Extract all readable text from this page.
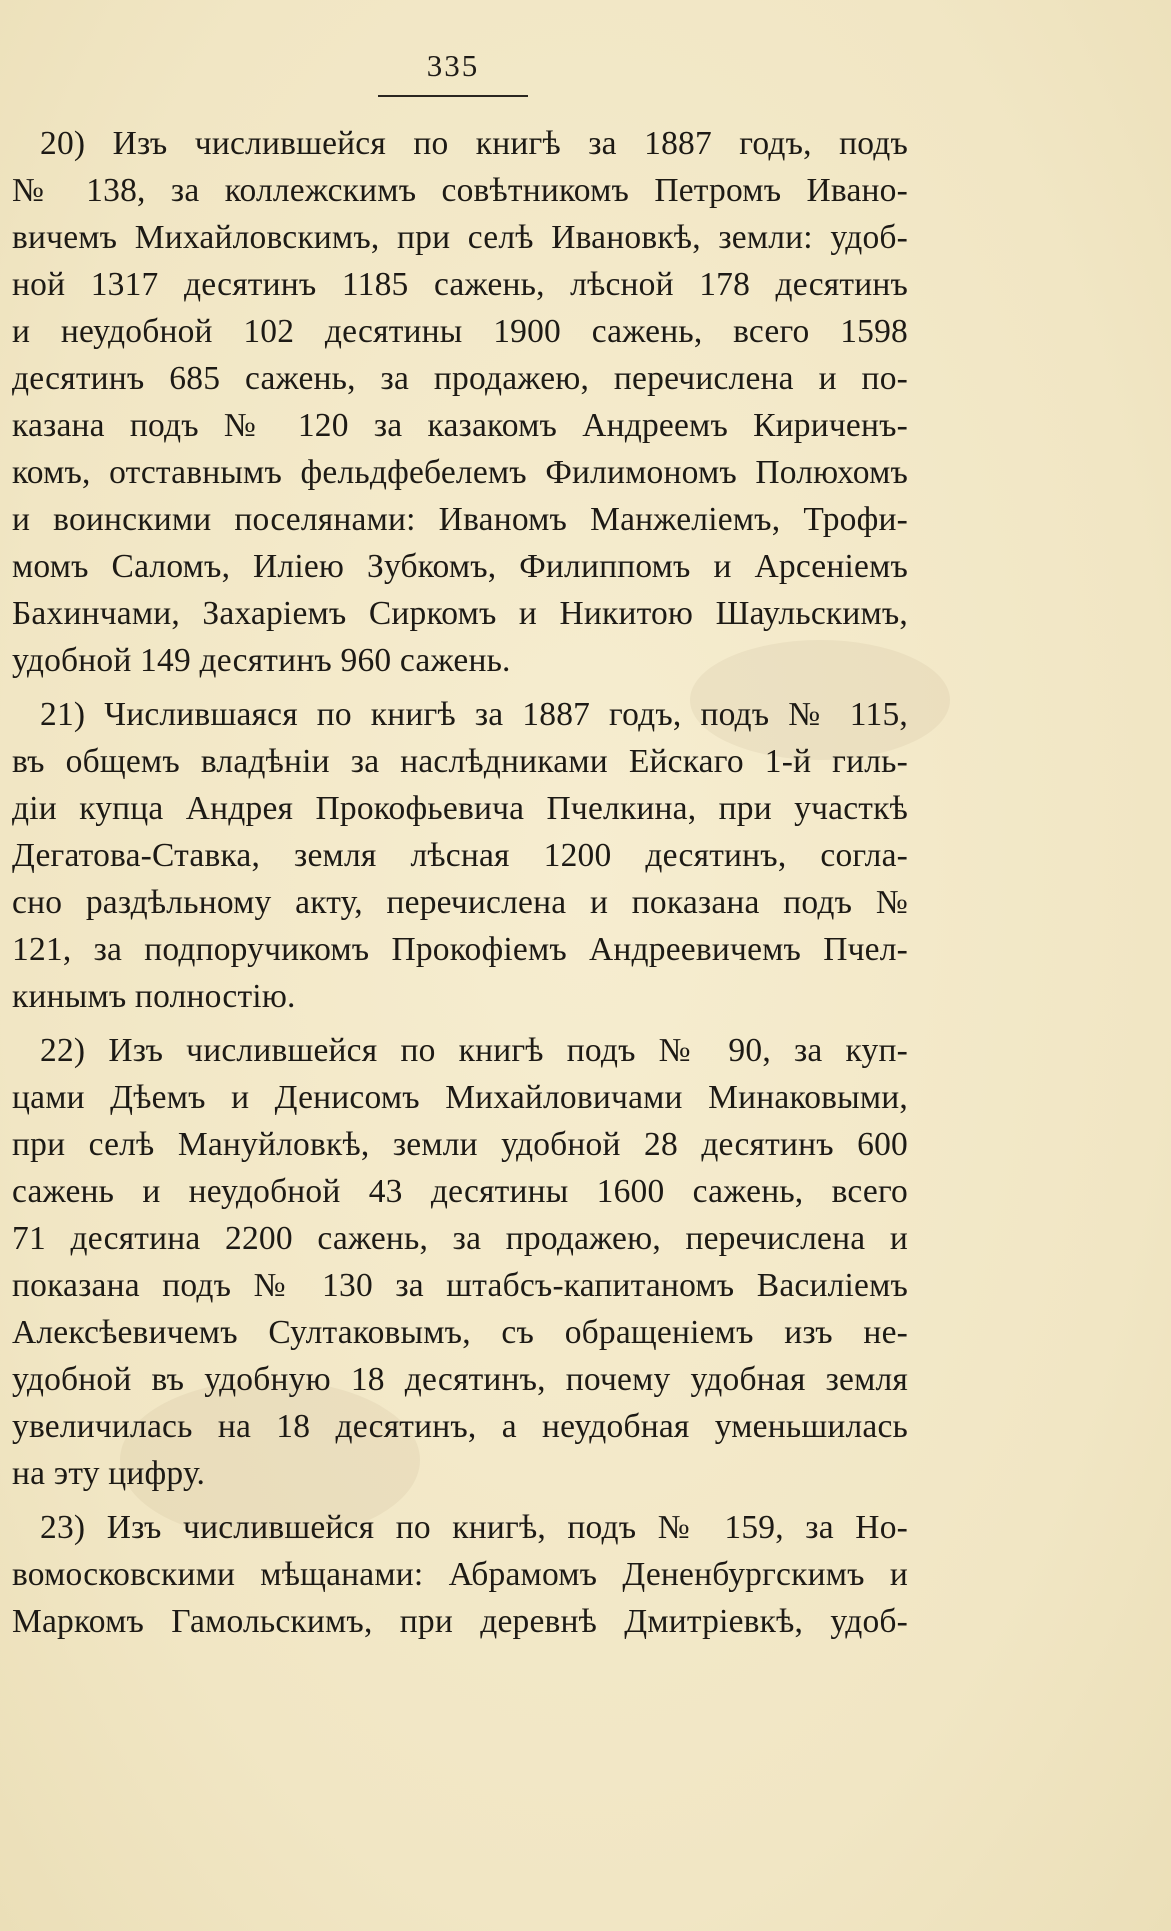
335
20) Изъ числившейся по книгѣ за 1887 годъ, подъ
№ 138, за коллежскимъ совѣтникомъ Петромъ Ивано-
вичемъ Михайловскимъ, при селѣ Ивановкѣ, земли: удоб-
ной 1317 десятинъ 1185 сажень, лѣсной 178 десятинъ
и неудобной 102 десятины 1900 сажень, всего 1598
десятинъ 685 сажень, за продажею, перечислена и по-
казана подъ № 120 за казакомъ Андреемъ Кириченъ-
комъ, отставнымъ фельдфебелемъ Филимономъ Полюхомъ
и воинскими поселянами: Иваномъ Манжеліемъ, Трофи-
момъ Саломъ, Иліею Зубкомъ, Филиппомъ и Арсеніемъ
Бахинчами, Захаріемъ Сиркомъ и Никитою Шаульскимъ,
удобной 149 десятинъ 960 сажень.
21) Числившаяся по книгѣ за 1887 годъ, подъ № 115,
въ общемъ владѣніи за наслѣдниками Ейскаго 1-й гиль-
діи купца Андрея Прокофьевича Пчелкина, при участкѣ
Дегатова-Ставка, земля лѣсная 1200 десятинъ, согла-
сно раздѣльному акту, перечислена и показана подъ №
121, за подпоручикомъ Прокофіемъ Андреевичемъ Пчел-
кинымъ полностію.
22) Изъ числившейся по книгѣ подъ № 90, за куп-
цами Дѣемъ и Денисомъ Михайловичами Минаковыми,
при селѣ Мануйловкѣ, земли удобной 28 десятинъ 600
сажень и неудобной 43 десятины 1600 сажень, всего
71 десятина 2200 сажень, за продажею, перечислена и
показана подъ № 130 за штабсъ-капитаномъ Василіемъ
Алексѣевичемъ Султаковымъ, съ обращеніемъ изъ не-
удобной въ удобную 18 десятинъ, почему удобная земля
увеличилась на 18 десятинъ, а неудобная уменьшилась
на эту цифру.
23) Изъ числившейся по книгѣ, подъ № 159, за Но-
вомосковскими мѣщанами: Абрамомъ Дененбургскимъ и
Маркомъ Гамольскимъ, при деревнѣ Дмитріевкѣ, удоб-
